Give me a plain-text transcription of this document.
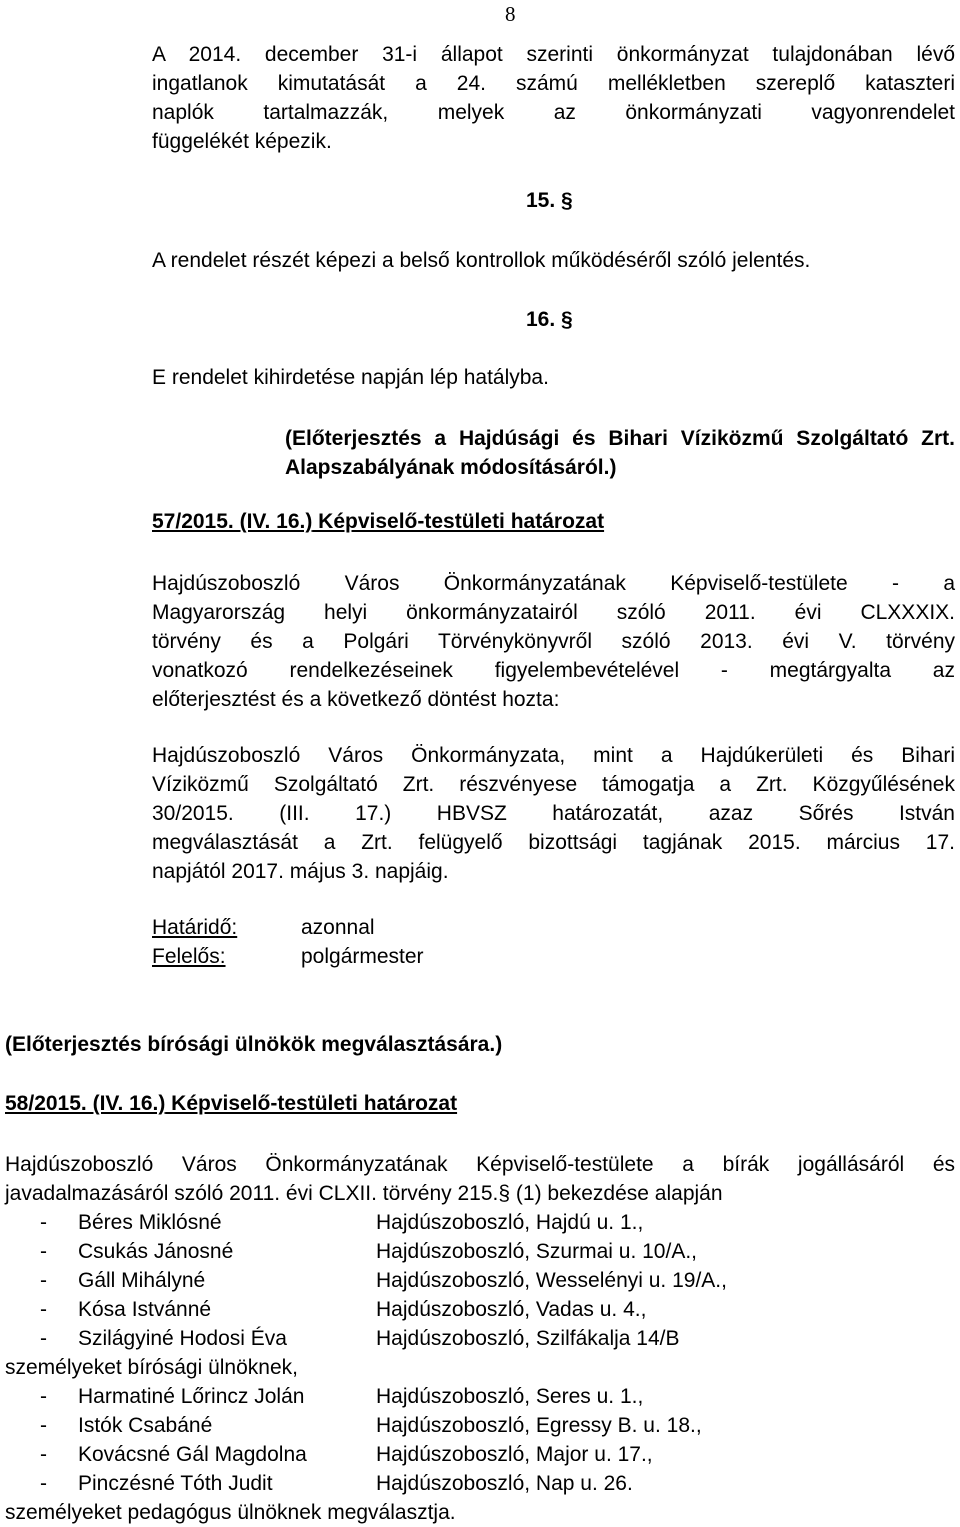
8
A 2014. december 31-i állapot szerinti önkormányzat tulajdonában lévő
ingatlanok kimutatását a 24. számú mellékletben szereplő kataszteri
naplók tartalmazzák, melyek az önkormányzati vagyonrendelet
függelékét képezik.
15. §
A rendelet részét képezi a belső kontrollok működéséről szóló jelentés.
16. §
E rendelet kihirdetése napján lép hatályba.
(Előterjesztés a Hajdúsági és Bihari Víziközmű Szolgáltató Zrt.
Alapszabályának módosításáról.)
57/2015. (IV. 16.) Képviselő-testületi határozat
Hajdúszoboszló Város Önkormányzatának Képviselő-testülete - a
Magyarország helyi önkormányzatairól szóló 2011. évi CLXXXIX.
törvény és a Polgári Törvénykönyvről szóló 2013. évi V. törvény
vonatkozó rendelkezéseinek figyelembevételével - megtárgyalta az
előterjesztést és a következő döntést hozta:
Hajdúszoboszló Város Önkormányzata, mint a Hajdúkerületi és Bihari
Víziközmű Szolgáltató Zrt. részvényese támogatja a Zrt. Közgyűlésének
30/2015. (III. 17.) HBVSZ határozatát, azaz Sőrés István
megválasztását a Zrt. felügyelő bizottsági tagjának 2015. március 17.
napjától 2017. május 3. napjáig.
Határidő:	azonnal
Felelős:	polgármester
(Előterjesztés bírósági ülnökök megválasztására.)
58/2015. (IV. 16.) Képviselő-testületi határozat
Hajdúszoboszló Város Önkormányzatának Képviselő-testülete a bírák jogállásáról és
javadalmazásáról szóló 2011. évi CLXII. törvény 215.§ (1) bekezdése alapján
- Béres Miklósné	Hajdúszoboszló, Hajdú u. 1.,
- Csukás Jánosné	Hajdúszoboszló, Szurmai u. 10/A.,
- Gáll Mihályné	Hajdúszoboszló, Wesselényi u. 19/A.,
- Kósa Istvánné	Hajdúszoboszló, Vadas u. 4.,
- Szilágyiné Hodosi Éva	Hajdúszoboszló, Szilfákalja 14/B
személyeket bírósági ülnöknek,
- Harmatiné Lőrincz Jolán	Hajdúszoboszló, Seres u. 1.,
- Istók Csabáné	Hajdúszoboszló, Egressy B. u. 18.,
- Kovácsné Gál Magdolna	Hajdúszoboszló, Major u. 17.,
- Pinczésné Tóth Judit	Hajdúszoboszló, Nap u. 26.
személyeket pedagógus ülnöknek megválasztja.
